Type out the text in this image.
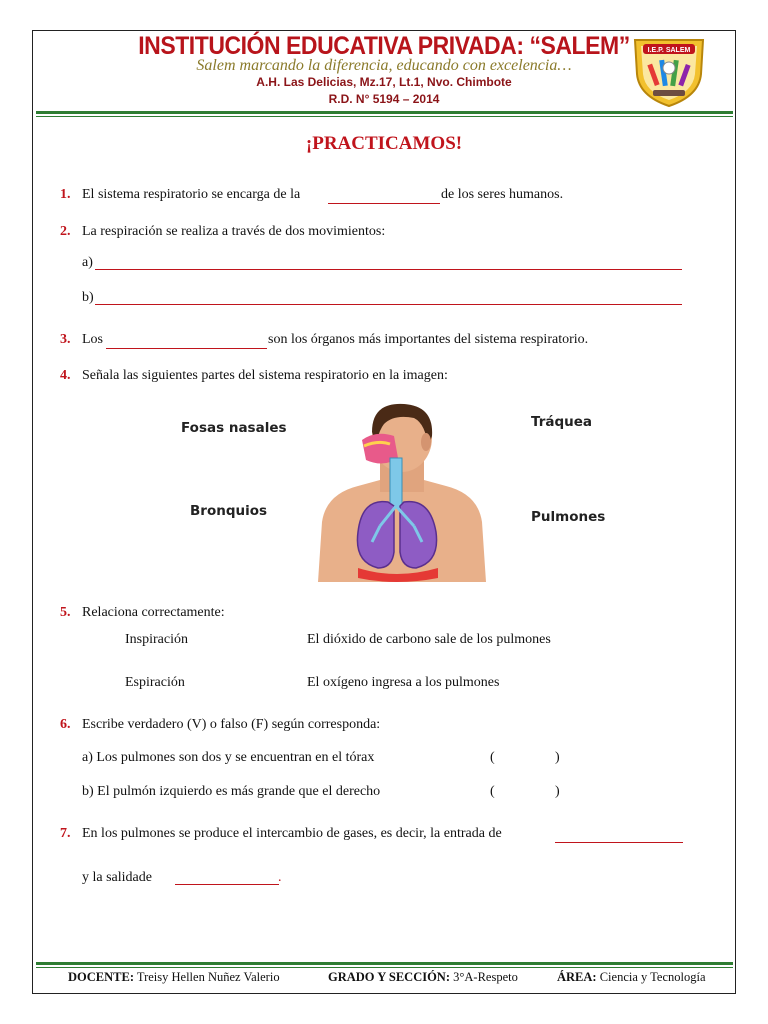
INSTITUCIÓN EDUCATIVA PRIVADA: “SALEM”
Salem marcando la diferencia, educando con excelencia…
A.H. Las Delicias, Mz.17, Lt.1, Nvo. Chimbote
R.D. N° 5194 – 2014
I.E.P. SALEM
¡PRACTICAMOS!
1. El sistema respiratorio se encarga de la	de los seres humanos.
2. La respiración se realiza a través de dos movimientos:
a)
b)
3. Los	son los órganos más importantes del sistema respiratorio.
4. Señala las siguientes partes del sistema respiratorio en la imagen:
Fosas nasales	Tráquea
Bronquios	Pulmones
5. Relaciona correctamente:
Inspiración	El dióxido de carbono sale de los pulmones
Espiración	El oxígeno ingresa a los pulmones
6. Escribe verdadero (V) o falso (F) según corresponda:
a) Los pulmones son dos y se encuentran en el tórax	(	)
b) El pulmón izquierdo es más grande que el derecho	(	)
7. En los pulmones se produce el intercambio de gases, es decir, la entrada de
y la salidade	.
DOCENTE: Treisy Hellen Nuñez Valerio	GRADO Y SECCIÓN: 3°A-Respeto	ÁREA: Ciencia y Tecnología
